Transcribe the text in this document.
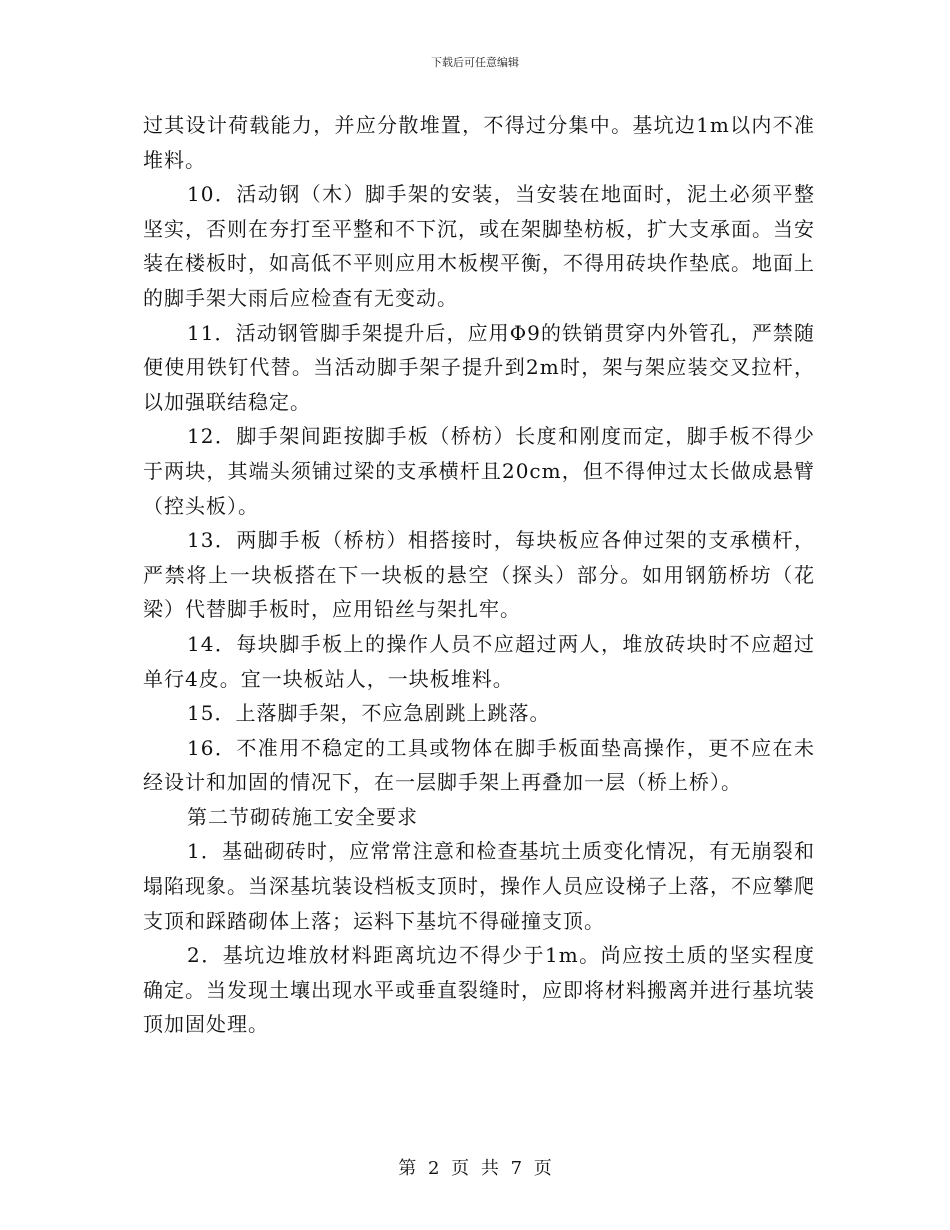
下载后可任意编辑

过其设计荷载能力，并应分散堆置，不得过分集中。基坑边1m以内不准堆料。

10．活动钢（木）脚手架的安装，当安装在地面时，泥土必须平整坚实，否则在夯打至平整和不下沉，或在架脚垫枋板，扩大支承面。当安装在楼板时，如高低不平则应用木板楔平衡，不得用砖块作垫底。地面上的脚手架大雨后应检查有无变动。

11．活动钢管脚手架提升后，应用Φ9的铁销贯穿内外管孔，严禁随便使用铁钉代替。当活动脚手架子提升到2m时，架与架应装交叉拉杆，以加强联结稳定。

12．脚手架间距按脚手板（桥枋）长度和刚度而定，脚手板不得少于两块，其端头须铺过梁的支承横杆且20cm，但不得伸过太长做成悬臂（控头板）。

13．两脚手板（桥枋）相搭接时，每块板应各伸过架的支承横杆，严禁将上一块板搭在下一块板的悬空（探头）部分。如用钢筋桥坊（花梁）代替脚手板时，应用铅丝与架扎牢。

14．每块脚手板上的操作人员不应超过两人，堆放砖块时不应超过单行4皮。宜一块板站人，一块板堆料。

15．上落脚手架，不应急剧跳上跳落。

16．不准用不稳定的工具或物体在脚手板面垫高操作，更不应在未经设计和加固的情况下，在一层脚手架上再叠加一层（桥上桥）。

第二节砌砖施工安全要求

1．基础砌砖时，应常常注意和检查基坑土质变化情况，有无崩裂和塌陷现象。当深基坑装设档板支顶时，操作人员应设梯子上落，不应攀爬支顶和踩踏砌体上落；运料下基坑不得碰撞支顶。

2．基坑边堆放材料距离坑边不得少于1m。尚应按土质的坚实程度确定。当发现土壤出现水平或垂直裂缝时，应即将材料搬离并进行基坑装顶加固处理。

第 2 页 共 7 页
